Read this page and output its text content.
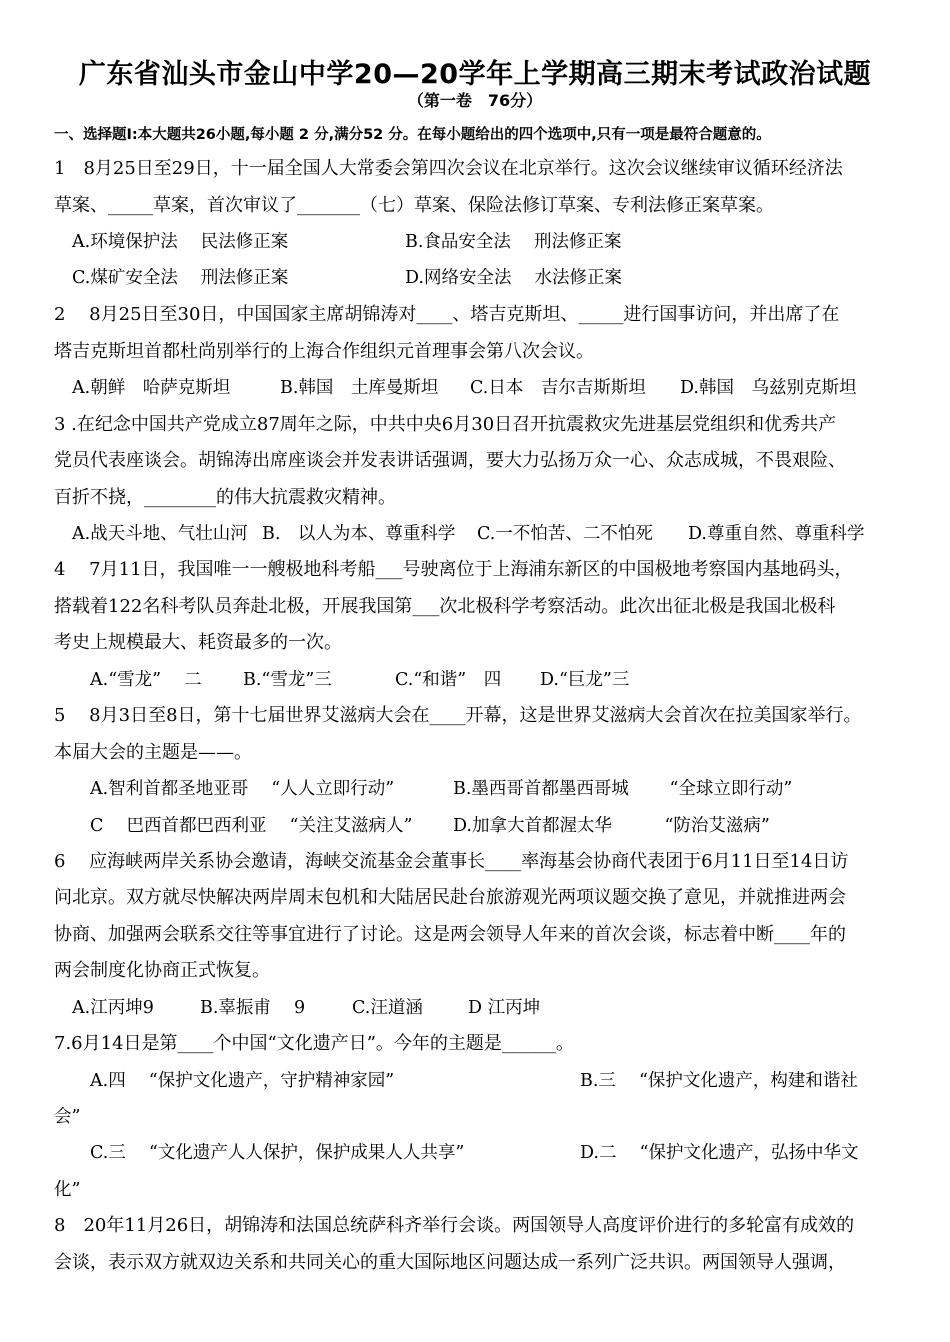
广东省汕头市金山中学20—20学年上学期高三期末考试政治试题
（第一卷　76分）
一、选择题Ⅰ:本大题共26小题,每小题 2 分,满分52 分。在每小题给出的四个选项中,只有一项是最符合题意的。
1　8月25日至29日，十一届全国人大常委会第四次会议在北京举行。这次会议继续审议循环经济法
草案、_____草案，首次审议了_______（七）草案、保险法修订草案、专利法修正案草案。
A.环境保护法　 民法修正案	B.食品安全法　 刑法修正案
C.煤矿安全法　 刑法修正案	D.网络安全法　 水法修正案
2　 8月25日至30日，中国国家主席胡锦涛对____、塔吉克斯坦、_____进行国事访问，并出席了在
塔吉克斯坦首都杜尚别举行的上海合作组织元首理事会第八次会议。
A.朝鲜　哈萨克斯坦	B.韩国　土库曼斯坦 C.日本　吉尔吉斯斯坦 D.韩国　乌兹别克斯坦
3 .在纪念中国共产党成立87周年之际，中共中央6月30日召开抗震救灾先进基层党组织和优秀共产
党员代表座谈会。胡锦涛出席座谈会并发表讲话强调，要大力弘扬万众一心、众志成城，不畏艰险、
百折不挠，________的伟大抗震救灾精神。
A.战天斗地、气壮山河 B.　以人为本、尊重科学 C.一不怕苦、二不怕死 D.尊重自然、尊重科学
4　 7月11日，我国唯一一艘极地科考船___号驶离位于上海浦东新区的中国极地考察国内基地码头，
搭载着122名科考队员奔赴北极，开展我国第___次北极科学考察活动。此次出征北极是我国北极科
考史上规模最大、耗资最多的一次。
A.“雪龙”　 二 B.“雪龙”三	C.“和谐”　四 D.“巨龙”三
5　 8月3日至8日，第十七届世界艾滋病大会在____开幕，这是世界艾滋病大会首次在拉美国家举行。
本届大会的主题是——。
A.智利首都圣地亚哥　 “人人立即行动”	B.墨西哥首都墨西哥城　　 “全球立即行动”
C　 巴西首都巴西利亚　 “关注艾滋病人” D.加拿大首都渥太华　　　“防治艾滋病”
6　 应海峡两岸关系协会邀请，海峡交流基金会董事长____率海基会协商代表团于6月11日至14日访
问北京。双方就尽快解决两岸周末包机和大陆居民赴台旅游观光两项议题交换了意见，并就推进两会
协商、加强两会联系交往等事宜进行了讨论。这是两会领导人年来的首次会谈，标志着中断____年的
两会制度化协商正式恢复。
A.江丙坤9	B.辜振甫　 9	C.汪道涵	D 江丙坤
7.6月14日是第____个中国“文化遗产日”。今年的主题是______。
A.四　 “保护文化遗产，守护精神家园”	B.三　 “保护文化遗产，构建和谐社
会”
C.三　 “文化遗产人人保护，保护成果人人共享”	D.二　 “保护文化遗产，弘扬中华文
化”
8　20年11月26日，胡锦涛和法国总统萨科齐举行会谈。两国领导人高度评价进行的多轮富有成效的
会谈，表示双方就双边关系和共同关心的重大国际地区问题达成一系列广泛共识。两国领导人强调，
